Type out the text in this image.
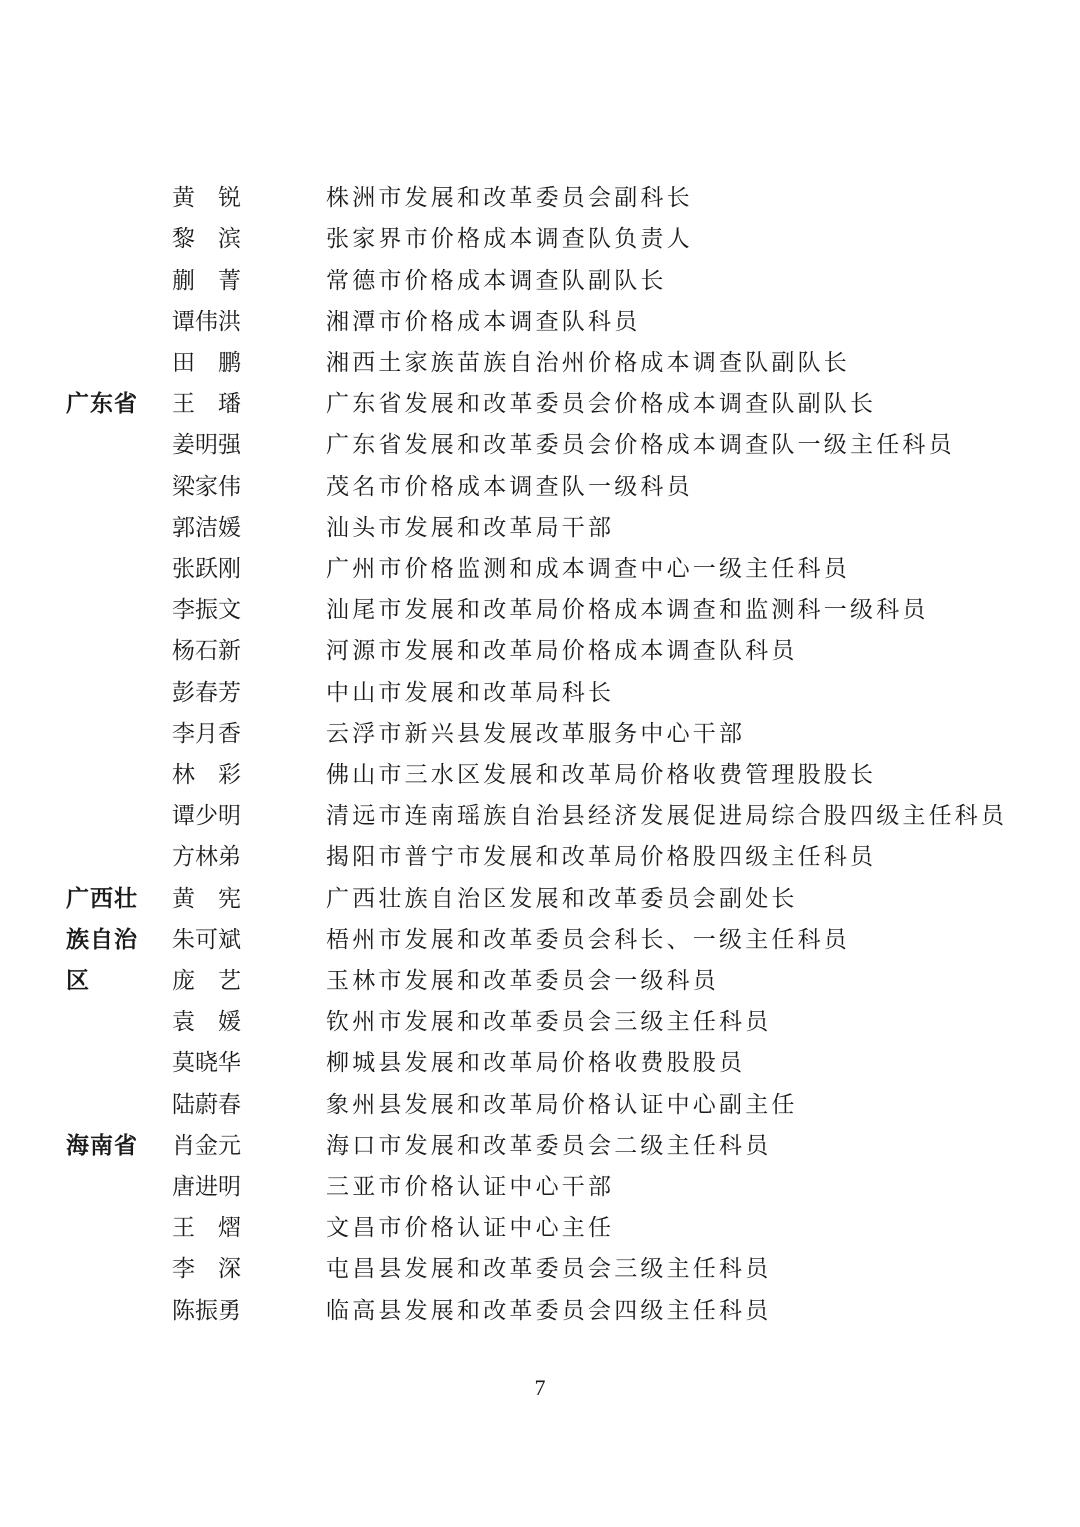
黄　锐	株洲市发展和改革委员会副科长
黎　滨	张家界市价格成本调查队负责人
蒯　菁	常德市价格成本调查队副队长
谭伟洪	湘潭市价格成本调查队科员
田　鹏	湘西土家族苗族自治州价格成本调查队副队长
广东省 王　璠	广东省发展和改革委员会价格成本调查队副队长
姜明强	广东省发展和改革委员会价格成本调查队一级主任科员
梁家伟	茂名市价格成本调查队一级科员
郭洁媛	汕头市发展和改革局干部
张跃刚	广州市价格监测和成本调查中心一级主任科员
李振文	汕尾市发展和改革局价格成本调查和监测科一级科员
杨石新	河源市发展和改革局价格成本调查队科员
彭春芳	中山市发展和改革局科长
李月香	云浮市新兴县发展改革服务中心干部
林　彩	佛山市三水区发展和改革局价格收费管理股股长
谭少明	清远市连南瑶族自治县经济发展促进局综合股四级主任科员
方林弟	揭阳市普宁市发展和改革局价格股四级主任科员
广西壮 黄　宪	广西壮族自治区发展和改革委员会副处长
族自治 朱可斌	梧州市发展和改革委员会科长、一级主任科员
区	庞　艺	玉林市发展和改革委员会一级科员
袁　媛	钦州市发展和改革委员会三级主任科员
莫晓华	柳城县发展和改革局价格收费股股员
陆蔚春	象州县发展和改革局价格认证中心副主任
海南省 肖金元	海口市发展和改革委员会二级主任科员
唐进明	三亚市价格认证中心干部
王　熠	文昌市价格认证中心主任
李　深	屯昌县发展和改革委员会三级主任科员
陈振勇	临高县发展和改革委员会四级主任科员
7
